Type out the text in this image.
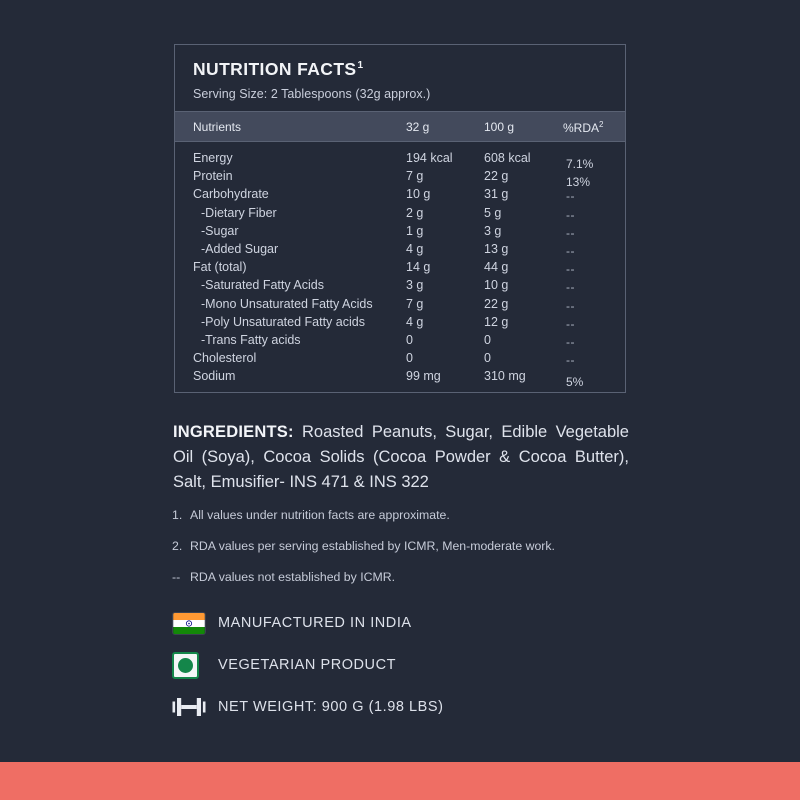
NUTRITION FACTS$^1$
Serving Size: 2 Tablespoons (32g approx.)
Nutrients	32 g	100 g	%RDA$^2$
Energy	194 kcal	608 kcal	7.1%
Protein	7 g	22 g	13%
Carbohydrate	10 g	31 g	--
-Dietary Fiber	2 g	5 g	--
-Sugar	1 g	3 g	--
-Added Sugar	4 g	13 g	--
Fat (total)	14 g	44 g	--
-Saturated Fatty Acids	3 g	10 g	--
-Mono Unsaturated Fatty Acids	7 g	22 g	--
-Poly Unsaturated Fatty acids	4 g	12 g	--
-Trans Fatty acids	0	0	--
Cholesterol	0	0	--
Sodium	99 mg	310 mg	5%
INGREDIENTS: Roasted Peanuts, Sugar, Edible Vegetable Oil (Soya), Cocoa Solids (Cocoa Powder & Cocoa Butter), Salt, Emusifier- INS 471 & INS 322
1. All values under nutrition facts are approximate.
2. RDA values per serving established by ICMR, Men-moderate work.
-- RDA values not established by ICMR.
MANUFACTURED IN INDIA
VEGETARIAN PRODUCT
NET WEIGHT: 900 G (1.98 LBS)
